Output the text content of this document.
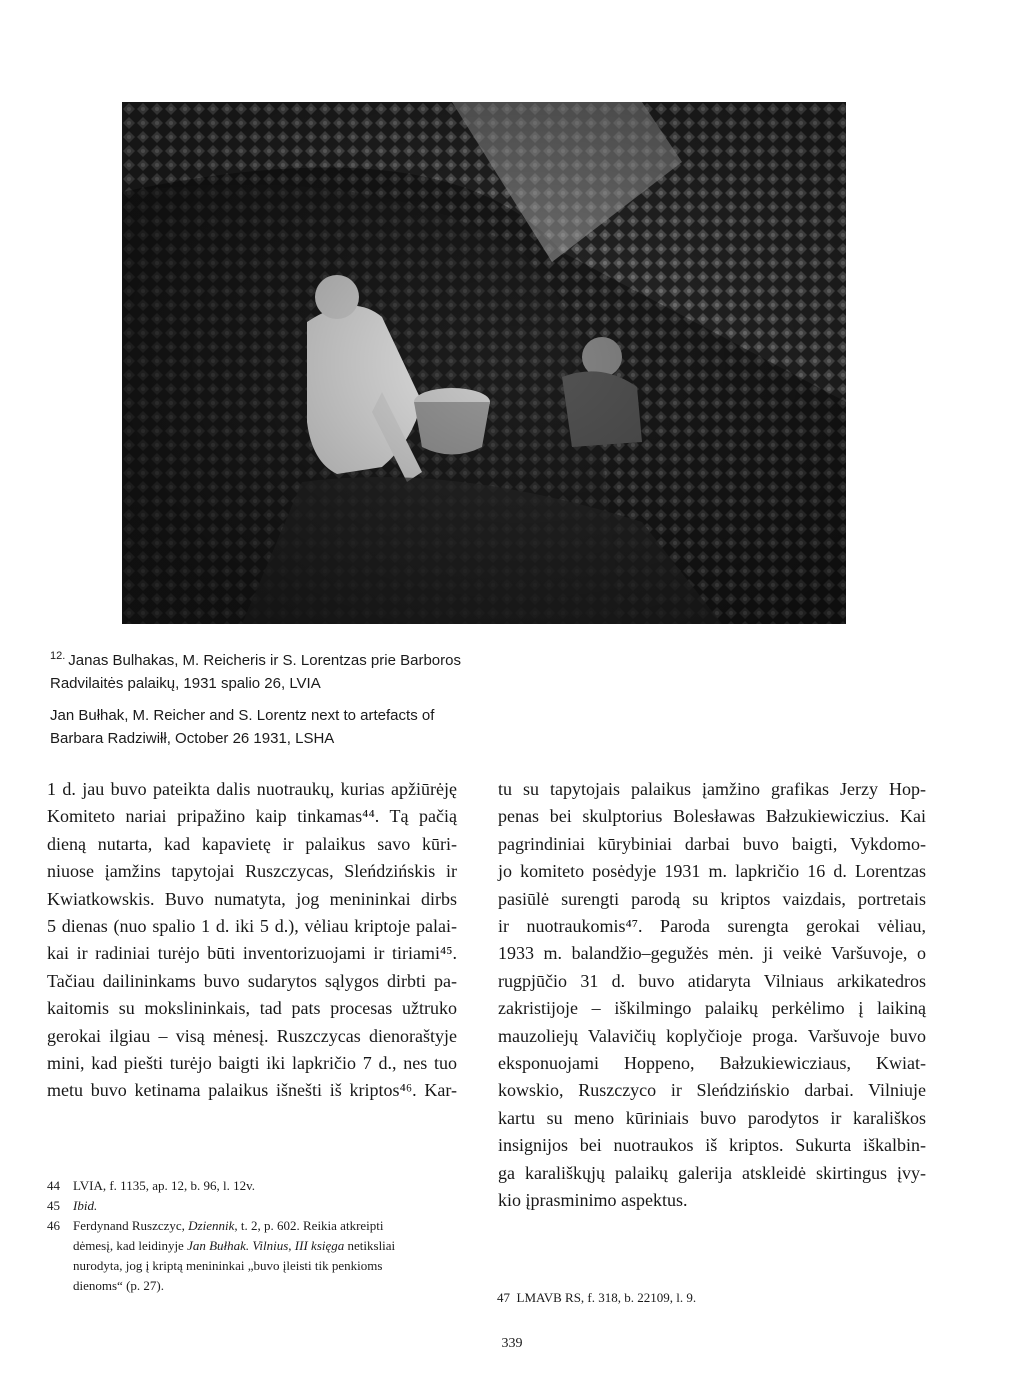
$^{12.}$ Janas Bulhakas, M. Reicheris ir S. Lorentzas prie Barboros
Radvilaitės palaikų, 1931 spalio 26, LVIA
Jan Bułhak, M. Reicher and S. Lorentz next to artefacts of
Barbara Radziwiłł, October 26 1931, LSHA
1 d. jau buvo pateikta dalis nuotraukų, kurias apžiūrėję
Komiteto nariai pripažino kaip tinkamas⁴⁴. Tą pačią
dieną nutarta, kad kapavietę ir palaikus savo kūri-
niuose įamžins tapytojai Ruszczycas, Sleńdzińskis ir
Kwiatkowskis. Buvo numatyta, jog menininkai dirbs
5 dienas (nuo spalio 1 d. iki 5 d.), vėliau kriptoje palai-
kai ir radiniai turėjo būti inventorizuojami ir tiriami⁴⁵.
Tačiau dailininkams buvo sudarytos sąlygos dirbti pa-
kaitomis su mokslininkais, tad pats procesas užtruko
gerokai ilgiau – visą mėnesį. Ruszczycas dienoraštyje
mini, kad piešti turėjo baigti iki lapkričio 7 d., nes tuo
metu buvo ketinama palaikus išnešti iš kriptos⁴⁶. Kar-
tu su tapytojais palaikus įamžino grafikas Jerzy Hop-
penas bei skulptorius Bolesławas Bałzukiewiczius. Kai
pagrindiniai kūrybiniai darbai buvo baigti, Vykdomo-
jo komiteto posėdyje 1931 m. lapkričio 16 d. Lorentzas
pasiūlė surengti parodą su kriptos vaizdais, portretais
ir nuotraukomis⁴⁷. Paroda surengta gerokai vėliau,
1933 m. balandžio–gegužės mėn. ji veikė Varšuvoje, o
rugpjūčio 31 d. buvo atidaryta Vilniaus arkikatedros
zakristijoje – iškilmingo palaikų perkėlimo į laikiną
mauzoliejų Valavičių koplyčioje proga. Varšuvoje buvo
eksponuojami Hoppeno, Bałzukiewicziaus, Kwiat-
kowskio, Ruszczyco ir Sleńdzińskio darbai. Vilniuje
kartu su meno kūriniais buvo parodytos ir karališkos
insignijos bei nuotraukos iš kriptos. Sukurta iškalbin-
ga karališkųjų palaikų galerija atskleidė skirtingus įvy-
kio įprasminimo aspektus.
44 LVIA, f. 1135, ap. 12, b. 96, l. 12v.
45 Ibid.
46 Ferdynand Ruszczyc, Dziennik, t. 2, p. 602. Reikia atkreipti
dėmesį, kad leidinyje Jan Bułhak. Vilnius, III księga netiksliai
nurodyta, jog į kriptą menininkai „buvo įleisti tik penkioms
dienoms“ (p. 27).
47 LMAVB RS, f. 318, b. 22109, l. 9.
339
